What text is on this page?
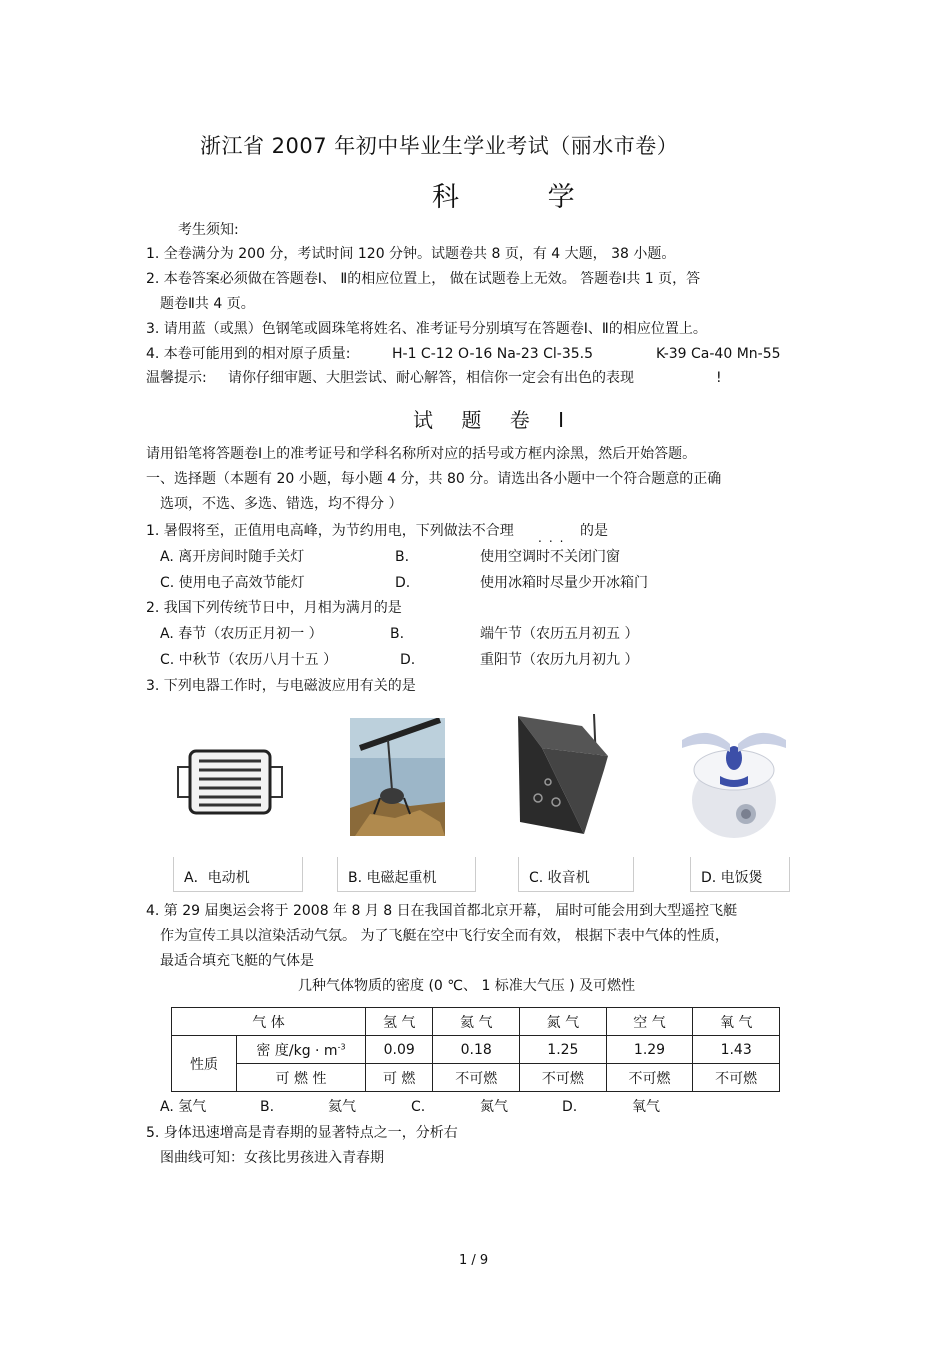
浙江省 2007 年初中毕业生学业考试（丽水市卷）
科 学
考生须知:
1. 全卷满分为 200 分，考试时间 120 分钟。试题卷共 8 页，有 4 大题， 38 小题。
2. 本卷答案必须做在答题卷Ⅰ、 Ⅱ的相应位置上， 做在试题卷上无效。 答题卷Ⅰ共 1 页，答
题卷Ⅱ共 4 页。
3. 请用蓝（或黑）色钢笔或圆珠笔将姓名、准考证号分别填写在答题卷Ⅰ、Ⅱ的相应位置上。
4. 本卷可能用到的相对原子质量:	H-1 C-12 O-16 Na-23 Cl-35.5	K-39 Ca-40 Mn-55
温馨提示: 请你仔细审题、大胆尝试、耐心解答，相信你一定会有出色的表现	!
试 题 卷 Ⅰ
请用铅笔将答题卷Ⅰ上的准考证号和学科名称所对应的括号或方框内涂黑，然后开始答题。
一、选择题（本题有 20 小题，每小题 4 分，共 80 分。请选出各小题中一个符合题意的正确
选项，不选、多选、错选，均不得分 ）
1. 暑假将至，正值用电高峰，为节约用电，下列做法不合理 ... 的是
A. 离开房间时随手关灯	B.	使用空调时不关闭门窗
C. 使用电子高效节能灯	D.	使用冰箱时尽量少开冰箱门
2. 我国下列传统节日中，月相为满月的是
A. 春节（农历正月初一 ）	B.	端午节（农历五月初五 ）
C. 中秋节（农历八月十五 ）	D.	重阳节（农历九月初九 ）
3. 下列电器工作时，与电磁波应用有关的是
A．电动机	B. 电磁起重机	C. 收音机	D. 电饭煲
4. 第 29 届奥运会将于 2008 年 8 月 8 日在我国首都北京开幕， 届时可能会用到大型遥控飞艇
作为宣传工具以渲染活动气氛。 为了飞艇在空中飞行安全而有效， 根据下表中气体的性质，
最适合填充飞艇的气体是
几种气体物质的密度 (0 ℃、 1 标准大气压 ) 及可燃性
气 体		氢 气	氦 气	氮 气	空 气	氧 气
性质	密 度$/kg \cdot m^{-3}$	0.09	0.18	1.25	1.29	1.43
	可 燃 性	可 燃	不可燃	不可燃	不可燃	不可燃
A. 氢气	B.	氦气	C.	氮气	D.	氧气
5. 身体迅速增高是青春期的显著特点之一，分析右
图曲线可知：女孩比男孩进入青春期
1 / 9
